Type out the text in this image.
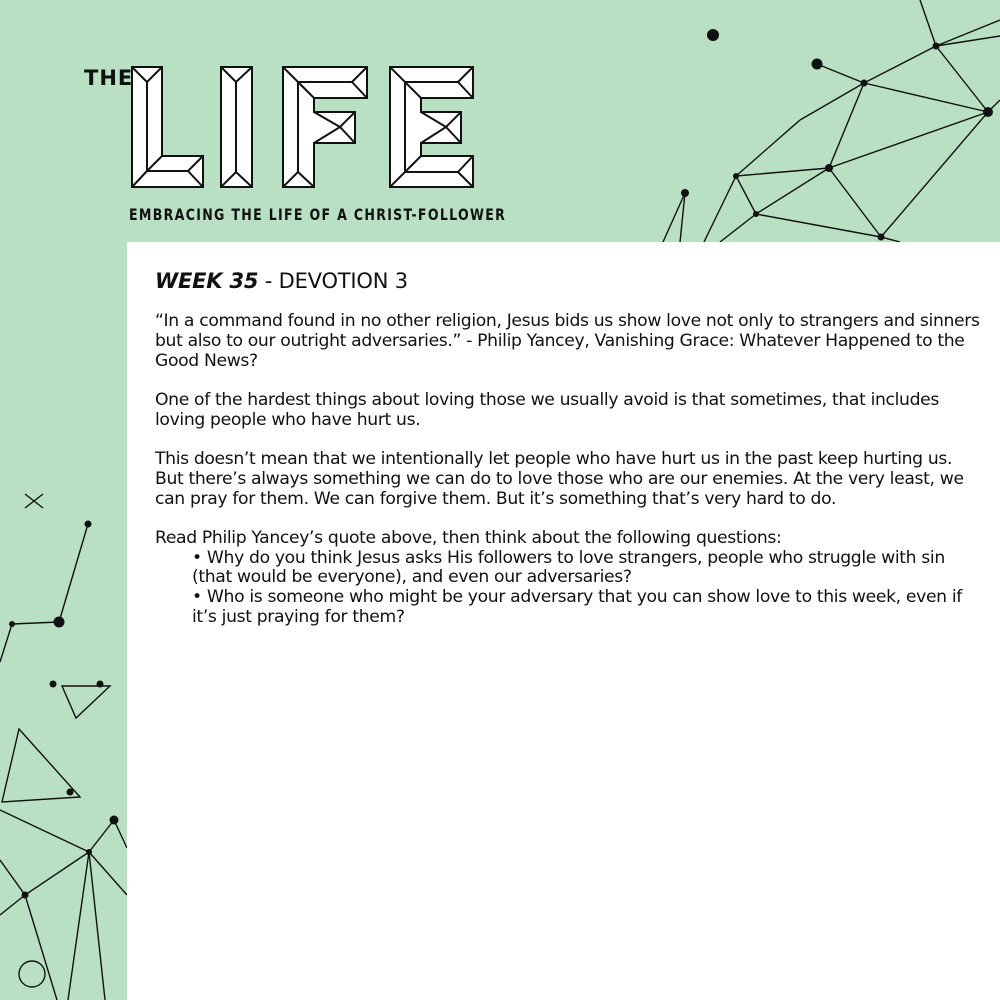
THE
EMBRACING THE LIFE OF A CHRIST-FOLLOWER
WEEK 35 - DEVOTION 3

“In a command found in no other religion, Jesus bids us show love not only to strangers and sinners but also to our outright adversaries.” - Philip Yancey, Vanishing Grace: Whatever Happened to the Good News?

One of the hardest things about loving those we usually avoid is that sometimes, that includes loving people who have hurt us.

This doesn’t mean that we intentionally let people who have hurt us in the past keep hurting us. But there’s always something we can do to love those who are our enemies. At the very least, we can pray for them. We can forgive them. But it’s something that’s very hard to do.

Read Philip Yancey’s quote above, then think about the following questions:
• Why do you think Jesus asks His followers to love strangers, people who struggle with sin (that would be everyone), and even our adversaries?
• Who is someone who might be your adversary that you can show love to this week, even if it’s just praying for them?
